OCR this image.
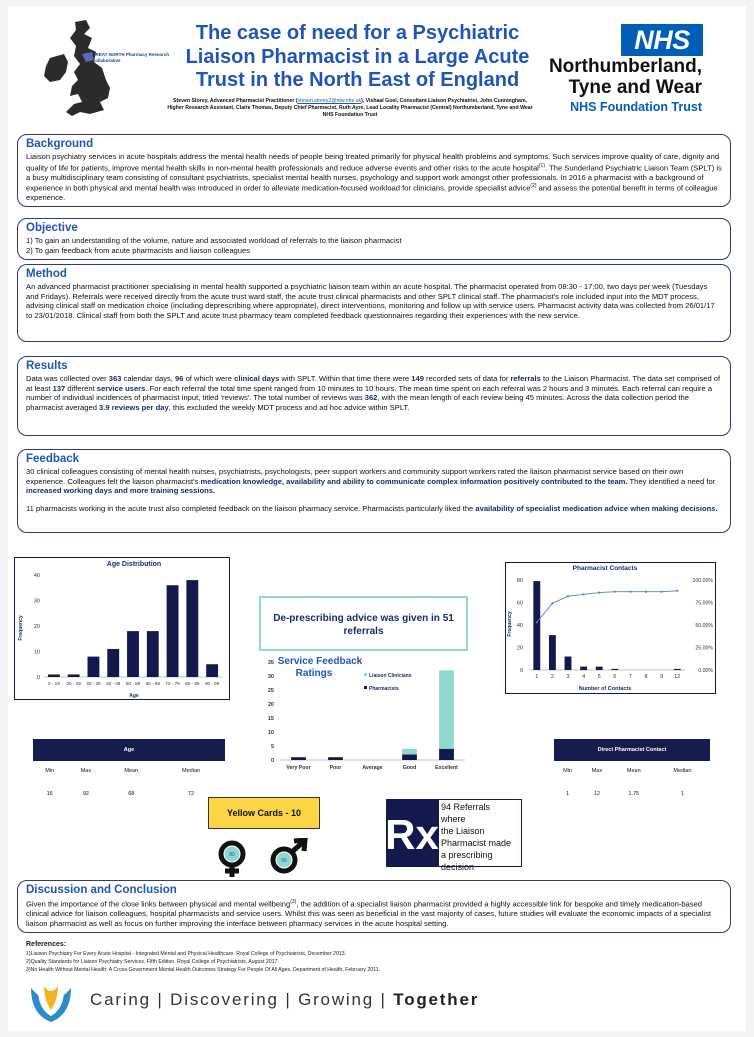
GREAT NORTH Pharmacy Research Collaborative
The case of need for a Psychiatric Liaison Pharmacist in a Large Acute Trust in the North East of England
Steven Storey, Advanced Pharmacist Practitioner (steven.storey2@ntw.nhs.uk), Vishaal Goel, Consultant Liaison Psychiatrist, John Cunningham, Higher Research Assistant, Claire Thomas, Deputy Chief Pharmacist, Ruth Ayre, Lead Locality Pharmacist (Central) Northumberland, Tyne and Wear NHS Foundation Trust
NHS
Northumberland,
Tyne and Wear
NHS Foundation Trust
Background

Liaison psychiatry services in acute hospitals address the mental health needs of people being treated primarily for physical health problems and symptoms. Such services improve quality of care, dignity and quality of life for patients, improve mental health skills in non-mental health professionals and reduce adverse events and other risks to the acute hospital$^{(1)}$. The Sunderland Psychiatric Liaison Team (SPLT) is a busy multidisciplinary team consisting of consultant psychiatrists, specialist mental health nurses, psychology and support work amongst other professionals. In 2016 a pharmacist with a background of experience in both physical and mental health was introduced in order to alleviate medication-focused workload for clinicians, provide specialist advice$^{(2)}$ and assess the potential benefit in terms of colleague experience.

Objective

1) To gain an understanding of the volume, nature and associated workload of referrals to the liaison pharmacist

2) To gain feedback from acute pharmacists and liaison colleagues

Method

An advanced pharmacist practitioner specialising in mental health supported a psychiatric liaison team within an acute hospital. The pharmacist operated from 08:30 - 17:00, two days per week (Tuesdays and Fridays). Referrals were received directly from the acute trust ward staff, the acute trust clinical pharmacists and other SPLT clinical staff. The pharmacist's role included input into the MDT process, advising clinical staff on medication choice (including deprescribing where appropriate), direct interventions, monitoring and follow up with service users. Pharmacist activity data was collected from 26/01/17 to 23/01/2018. Clinical staff from both the SPLT and acute trust pharmacy team completed feedback questionnaires regarding their experiences with the new service.

Results

Data was collected over 363 calendar days, 96 of which were clinical days with SPLT. Within that time there were 149 recorded sets of data for referrals to the Liaison Pharmacist. The data set comprised of at least 137 different service users. For each referral the total time spent ranged from 10 minutes to 10 hours. The mean time spent on each referral was 2 hours and 3 minutes. Each referral can require a number of individual incidences of pharmacist input, titled 'reviews'. The total number of reviews was 362, with the mean length of each review being 45 minutes. Across the data collection period the pharmacist averaged 3.9 reviews per day, this excluded the weekly MDT process and ad hoc advice within SPLT.

Feedback

30 clinical colleagues consisting of mental health nurses, psychiatrists, psychologists, peer support workers and community support workers rated the liaison pharmacist service based on their own experience. Colleagues felt the liaison pharmacist's medication knowledge, availability and ability to communicate complex information positively contributed to the team. They identified a need for increased working days and more training sessions.

11 pharmacists working in the acute trust also completed feedback on the liaison pharmacy service. Pharmacists particularly liked the availability of specialist medication advice when making decisions.

Age Distribution
Frequency
Age
0
10
20
30
40
0 - 19 20 - 29 30 - 39 40 - 49 50 - 59 60 - 69 70 - 79 80 - 89 90 - 99
De-prescribing advice was given in 51 referrals
Service Feedback
Ratings	Liaison Clinicians
Pharmacists
0
5
10
15
20
25
30
35
Very Poor	Poor	Average	Good	Excellent
Pharmacist Contacts
Frequency
Number of Contacts
0
20
40
60
80
0.00%
25.00%
50.00%
75.00%
100.00%
1 2 3 4 5 6 7 8 9 12
Age			
Min	Max	Mean	Median
16	92	68	72
Direct Pharmacist Contact			
Min	Max	Mean	Median
1	12	1.75	1
Yellow Cards - 10
80
56
Rx
94 Referrals
where
the Liaison
Pharmacist made
a prescribing
decision
Discussion and Conclusion

Given the importance of the close links between physical and mental wellbeing$^{(3)}$, the addition of a specialist liaison pharmacist provided a highly accessible link for bespoke and timely medication-based clinical advice for liaison colleagues, hospital pharmacists and service users. Whilst this was seen as beneficial in the vast majority of cases, future studies will evaluate the economic impacts of a specialist liaison pharmacist as well as focus on further improving the interface between pharmacy services in the acute hospital setting.

References:

1)Liaison Psychiatry For Every Acute Hospital - Integrated Mental and Physical Healthcare. Royal College of Psychiatrists, December 2013.

2)Quality Standards for Liaison Psychiatry Services. Fifth Edition. Royal College of Psychiatrists, August 2017.

3)No Health Without Mental Health: A Cross-Government Mental Health Outcomes Strategy For People Of All Ages. Department of Health, February 2011.

Caring | Discovering | Growing | Together
